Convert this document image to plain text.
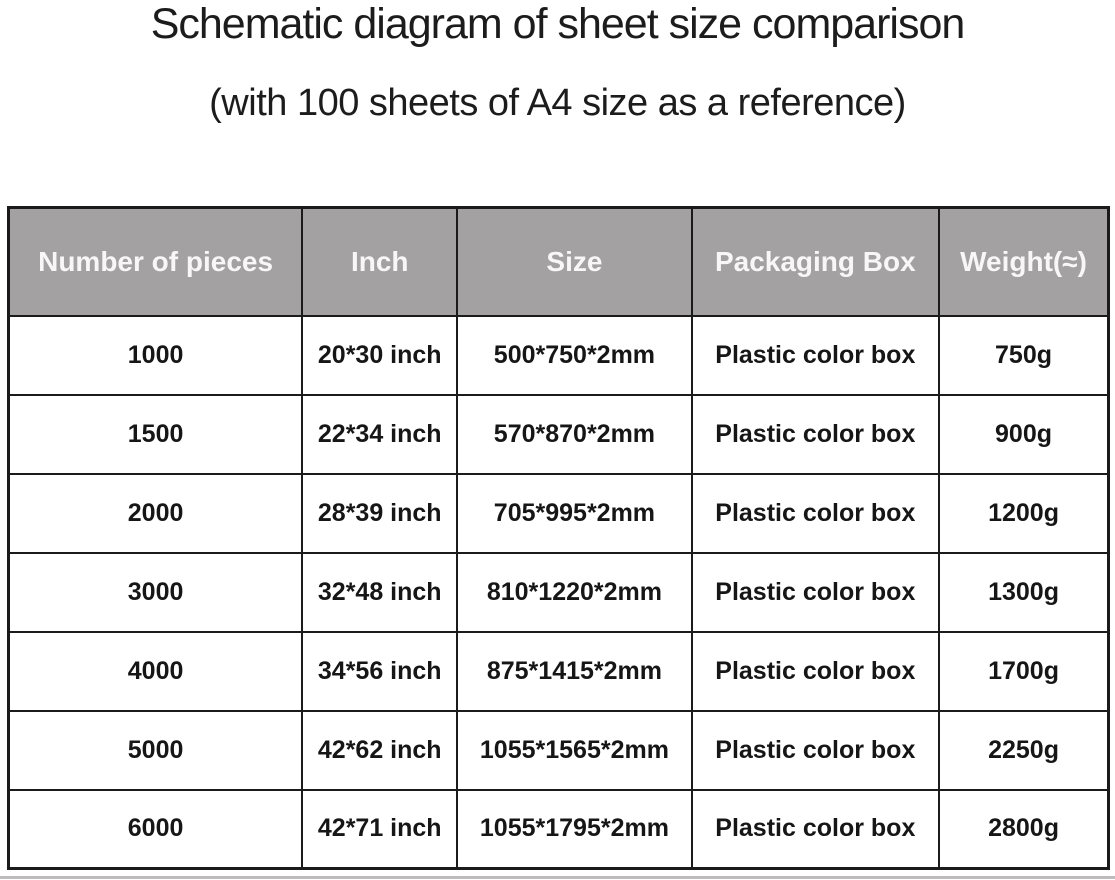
Schematic diagram of sheet size comparison
(with 100 sheets of A4 size as a reference)
Number of pieces	Inch	Size	Packaging Box	Weight(≈)
1000	20*30 inch	500*750*2mm	Plastic color box	750g
1500	22*34 inch	570*870*2mm	Plastic color box	900g
2000	28*39 inch	705*995*2mm	Plastic color box	1200g
3000	32*48 inch	810*1220*2mm	Plastic color box	1300g
4000	34*56 inch	875*1415*2mm	Plastic color box	1700g
5000	42*62 inch	1055*1565*2mm	Plastic color box	2250g
6000	42*71 inch	1055*1795*2mm	Plastic color box	2800g
